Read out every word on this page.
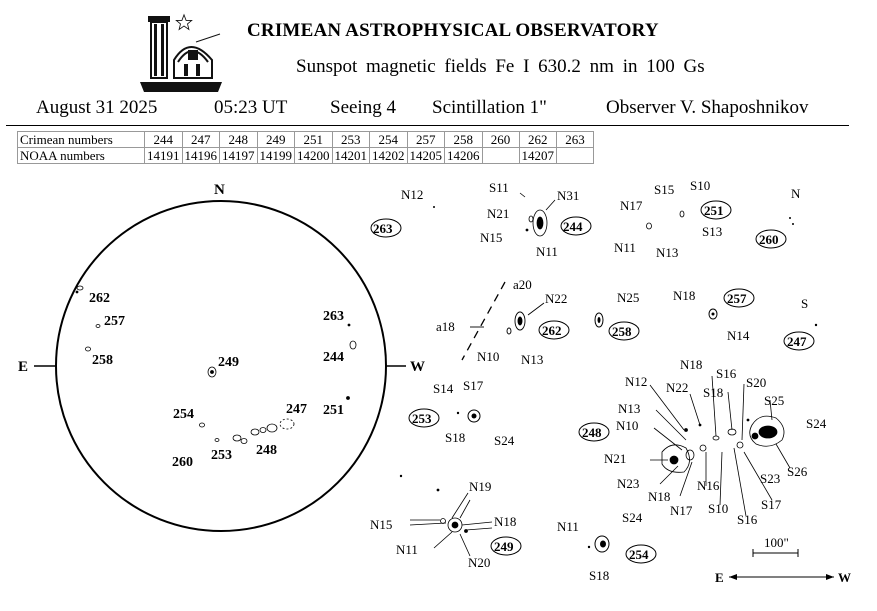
CRIMEAN ASTROPHYSICAL OBSERVATORY
Sunspot magnetic fields Fe I 630.2 nm in 100 Gs
August 31 2025	05:23 UT Seeing 4 Scintillation 1"	Observer V. Shaposhnikov
Crimean numbers	244	247	248	249	251	253	254	257	258	260	262	263
NOAA numbers	14191	14196	14197	14199	14200	14201	14202	14205	14206		14207	
N
E	W
262
257
258	249
263
244
254	247 251
260 253 248
N12
263
S11
N31
N21
N15
N11
244
S15 S10
N17
S13
N11 N13
251
N
260
a20
N22
a18
N10 N13
262
N25
258
N18
N14
257	S
247
S14 S17
S18 S24
253
N18
N12 N22
S16
S20
S18
S25
N13
N10	S24
N21
N23	S23 S26
N18
N16
N17 S10	S17
S16
248
N19
N15	N18
N11
N20
249
N11
S24
S18
254
100"
E	W
